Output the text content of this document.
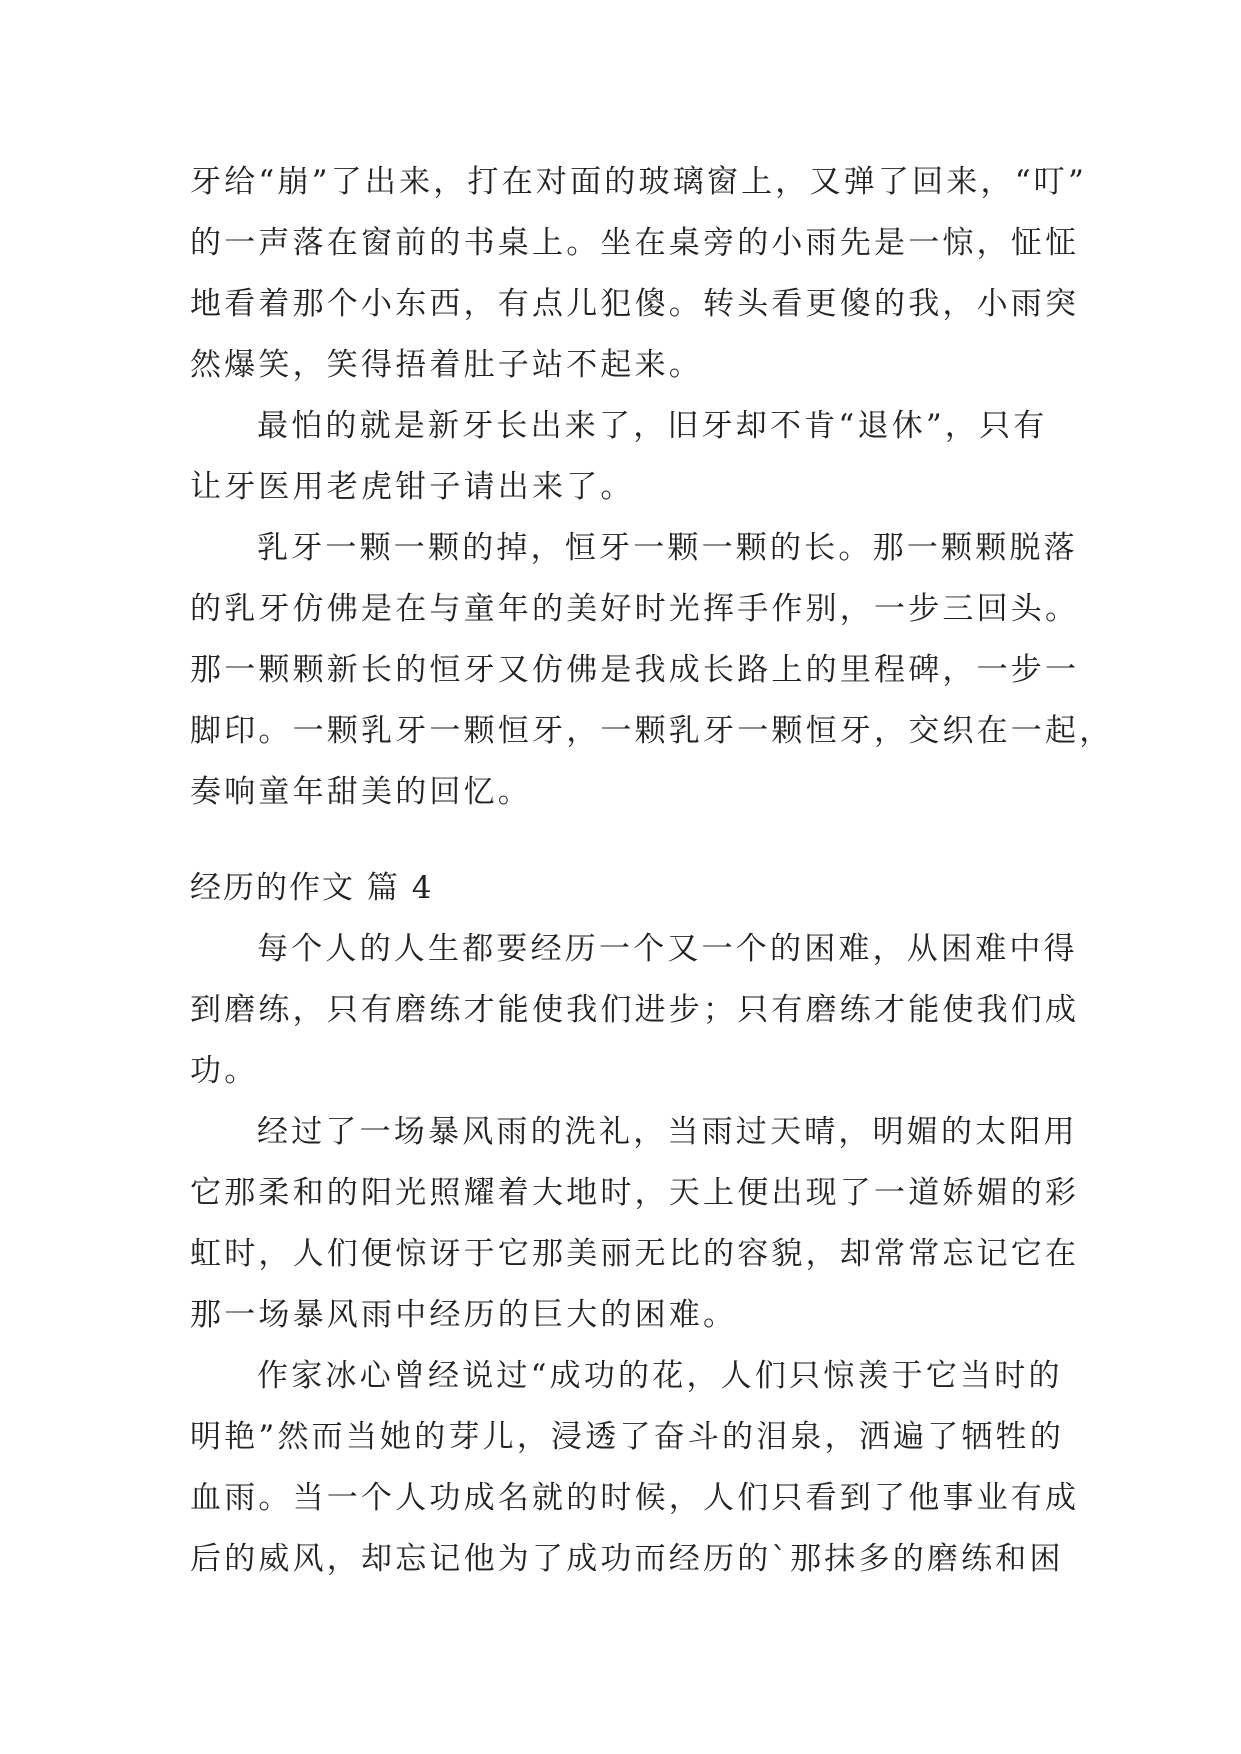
牙给“崩”了出来，打在对面的玻璃窗上，又弹了回来，“叮”
的一声落在窗前的书桌上。坐在桌旁的小雨先是一惊，怔怔
地看着那个小东西，有点儿犯傻。转头看更傻的我，小雨突
然爆笑，笑得捂着肚子站不起来。
最怕的就是新牙长出来了，旧牙却不肯“退休”，只有
让牙医用老虎钳子请出来了。
乳牙一颗一颗的掉，恒牙一颗一颗的长。那一颗颗脱落
的乳牙仿佛是在与童年的美好时光挥手作别，一步三回头。
那一颗颗新长的恒牙又仿佛是我成长路上的里程碑，一步一
脚印。一颗乳牙一颗恒牙，一颗乳牙一颗恒牙，交织在一起，
奏响童年甜美的回忆。
经历的作文 篇 4
每个人的人生都要经历一个又一个的困难，从困难中得
到磨练，只有磨练才能使我们进步；只有磨练才能使我们成
功。
经过了一场暴风雨的洗礼，当雨过天晴，明媚的太阳用
它那柔和的阳光照耀着大地时，天上便出现了一道娇媚的彩
虹时，人们便惊讶于它那美丽无比的容貌，却常常忘记它在
那一场暴风雨中经历的巨大的困难。
作家冰心曾经说过“成功的花，人们只惊羡于它当时的
明艳”然而当她的芽儿，浸透了奋斗的泪泉，洒遍了牺牲的
血雨。当一个人功成名就的时候，人们只看到了他事业有成
后的威风，却忘记他为了成功而经历的`那抹多的磨练和困
